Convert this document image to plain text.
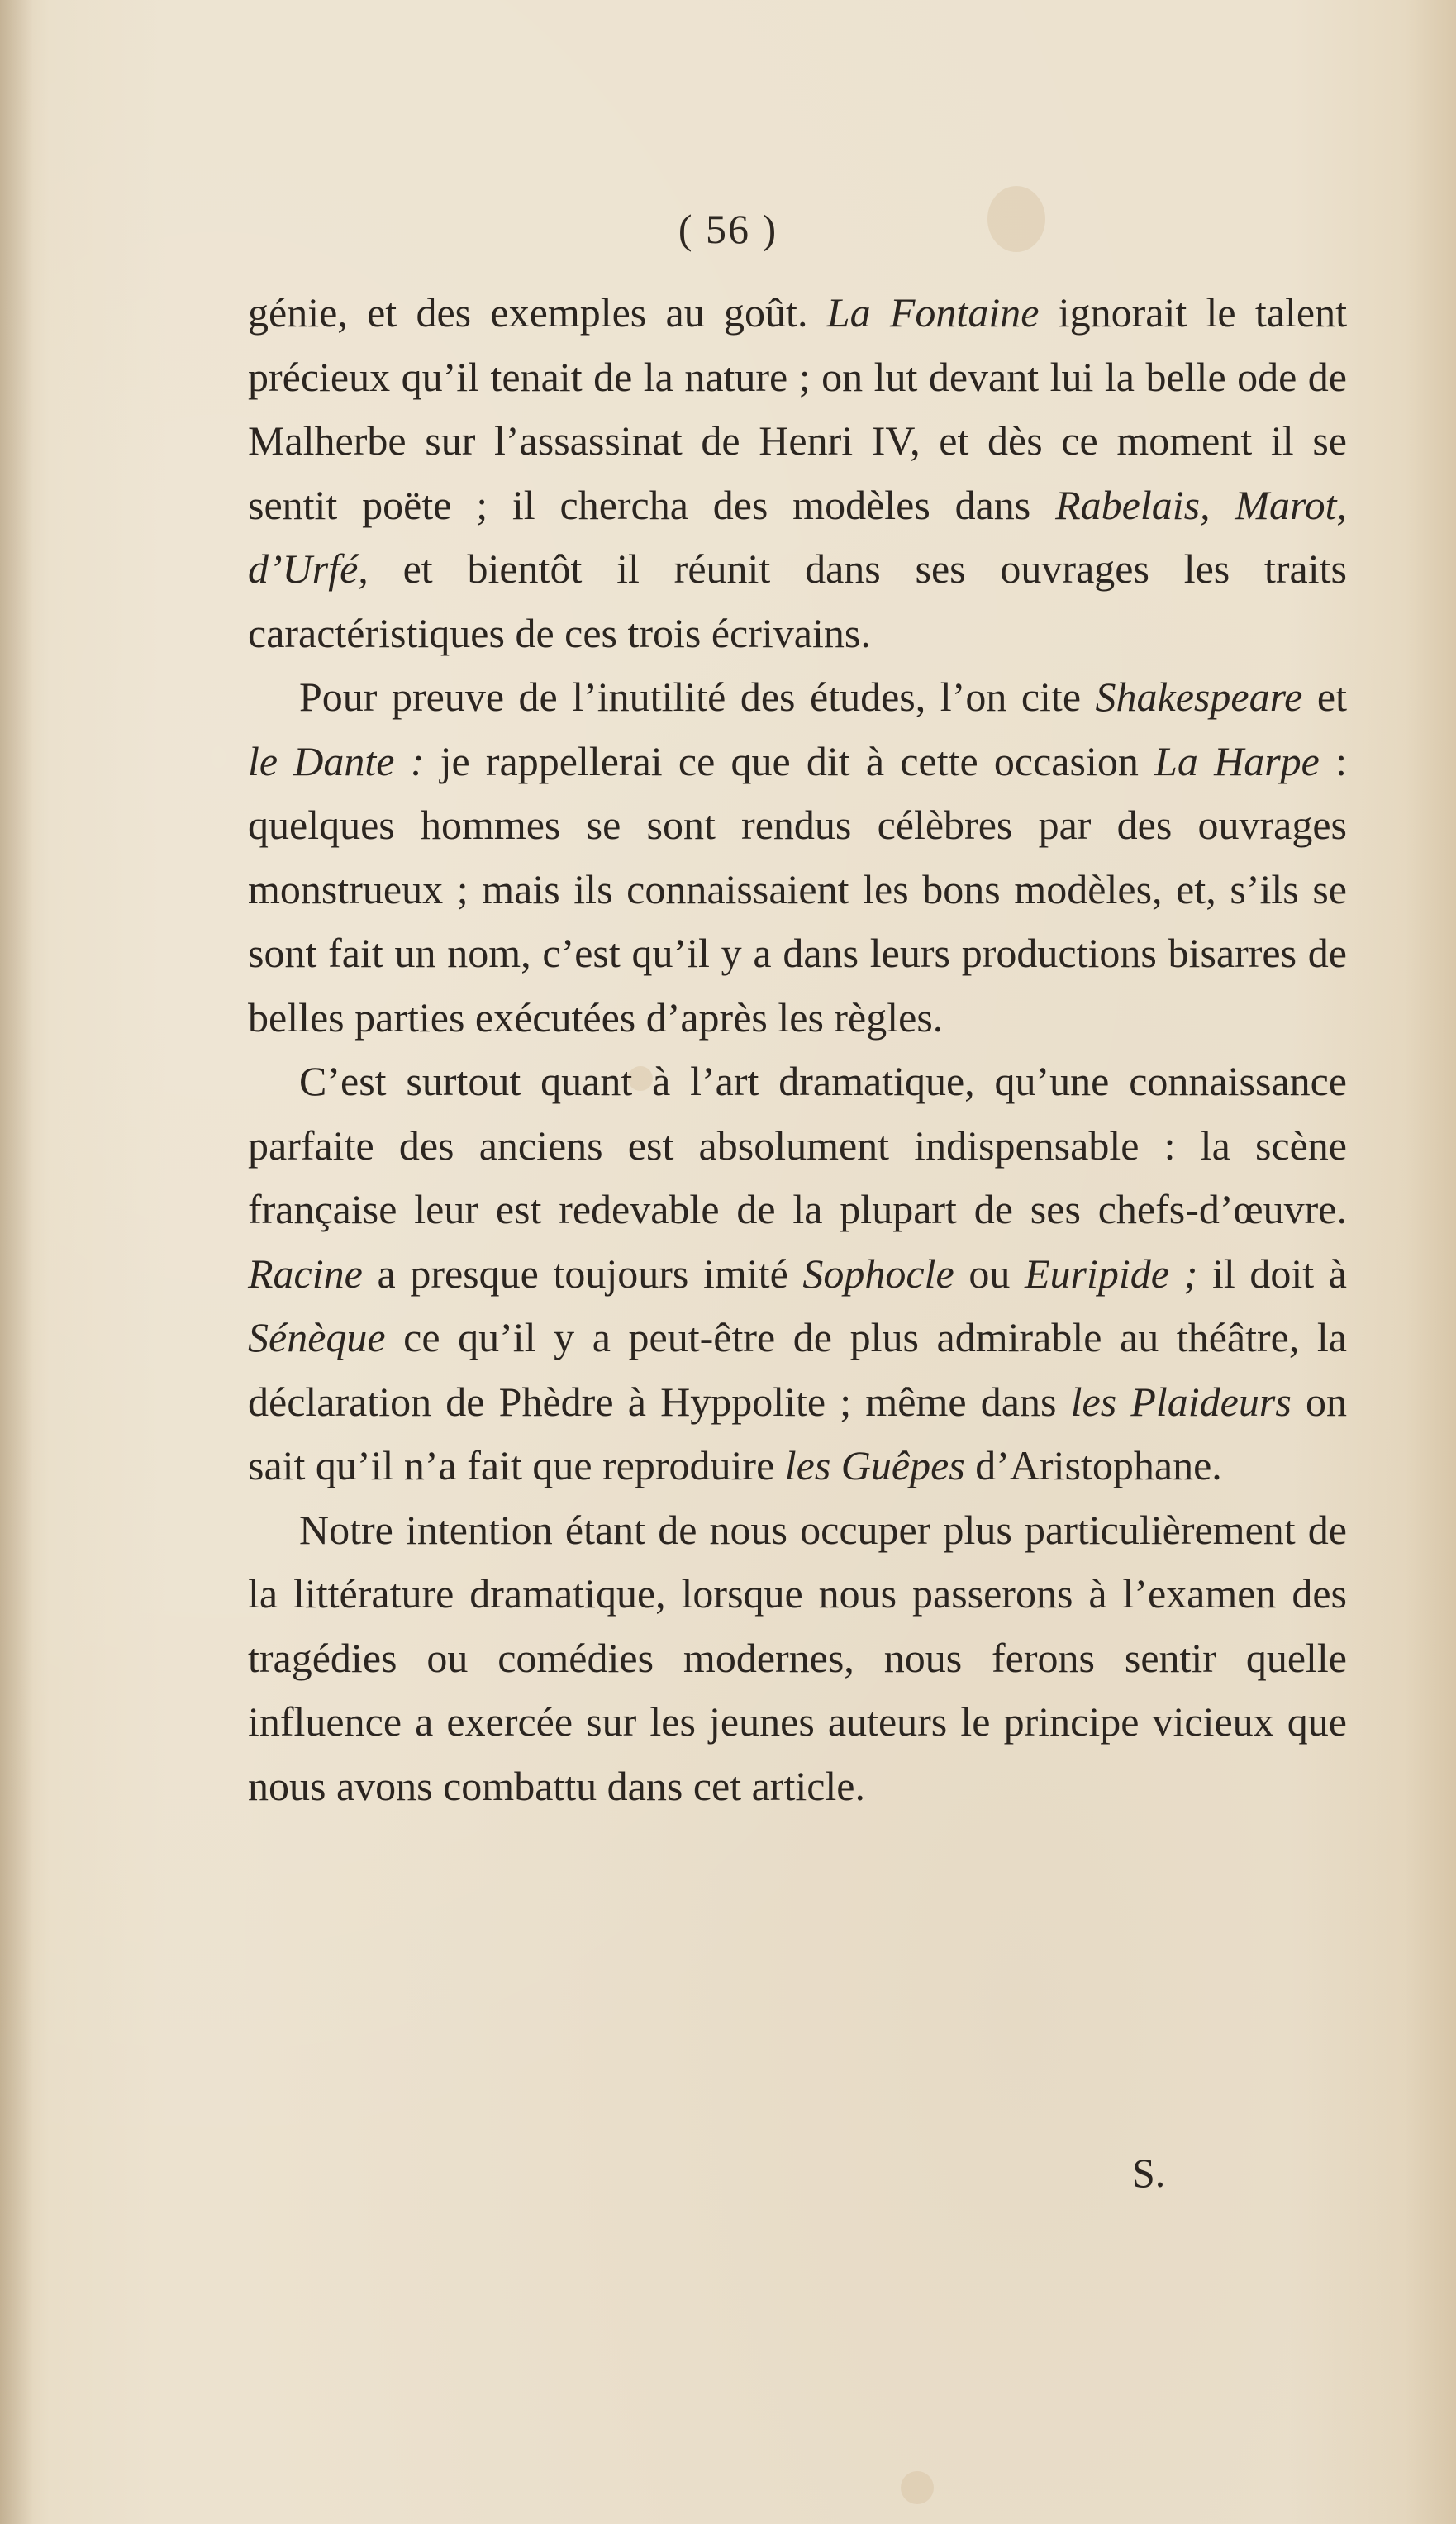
( 56 )

génie, et des exemples au goût. La Fontaine ignorait le talent précieux qu’il tenait de la nature ; on lut devant lui la belle ode de Malherbe sur l’assassinat de Henri IV, et dès ce moment il se sentit poëte ; il chercha des modèles dans Rabelais, Marot, d’Urfé, et bientôt il réunit dans ses ouvrages les traits caractéristiques de ces trois écrivains.

Pour preuve de l’inutilité des études, l’on cite Shakespeare et le Dante : je rappellerai ce que dit à cette occasion La Harpe : quelques hommes se sont rendus célèbres par des ouvrages monstrueux ; mais ils connaissaient les bons modèles, et, s’ils se sont fait un nom, c’est qu’il y a dans leurs productions bisarres de belles parties exécutées d’après les règles.

C’est surtout quant à l’art dramatique, qu’une connaissance parfaite des anciens est absolument indispensable : la scène française leur est redevable de la plupart de ses chefs-d’œuvre. Racine a presque toujours imité Sophocle ou Euripide ; il doit à Sénèque ce qu’il y a peut-être de plus admirable au théâtre, la déclaration de Phèdre à Hyppolite ; même dans les Plaideurs on sait qu’il n’a fait que reproduire les Guêpes d’Aristophane.

Notre intention étant de nous occuper plus particulièrement de la littérature dramatique, lorsque nous passerons à l’examen des tragédies ou comédies modernes, nous ferons sentir quelle influence a exercée sur les jeunes auteurs le principe vicieux que nous avons combattu dans cet article.

S.
